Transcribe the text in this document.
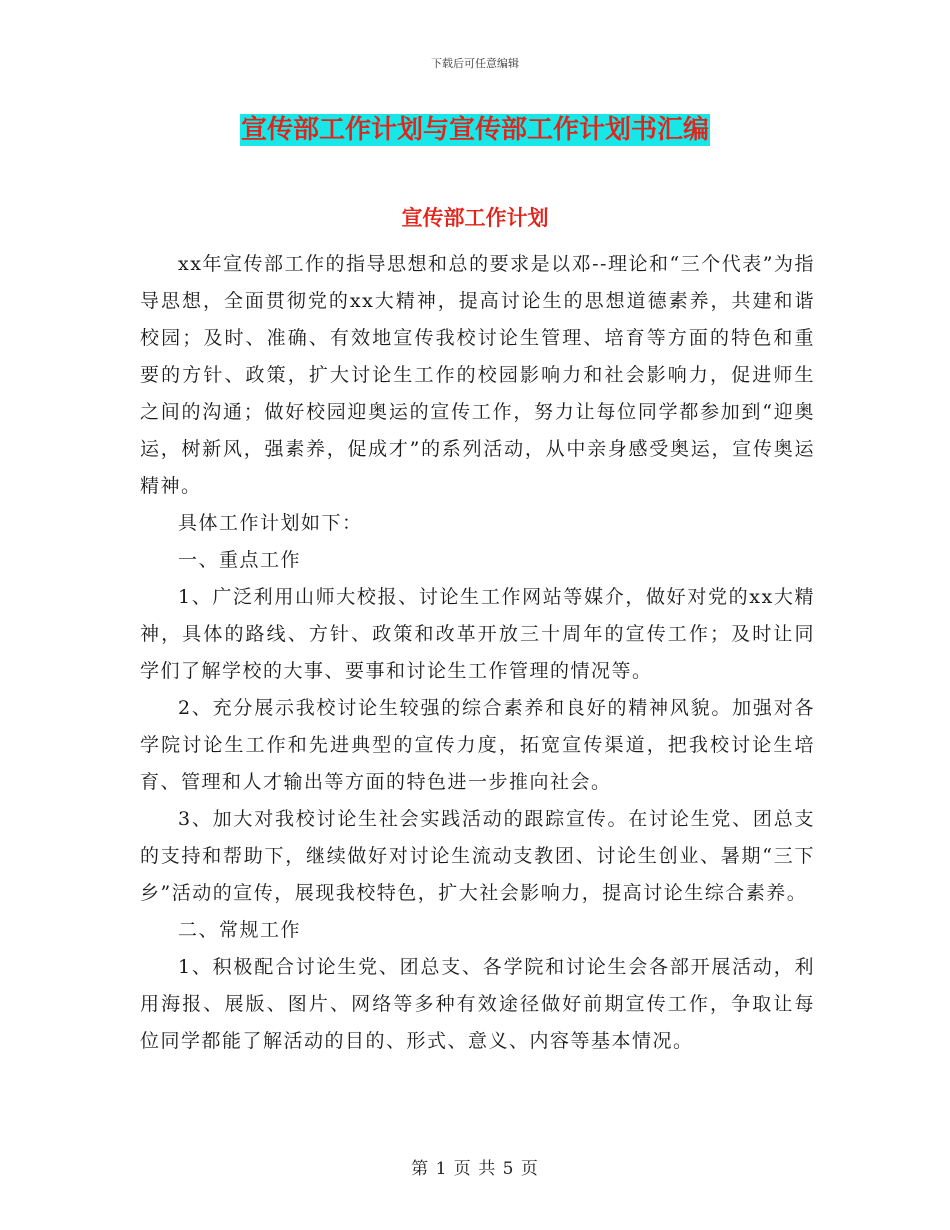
下载后可任意编辑
宣传部工作计划与宣传部工作计划书汇编
宣传部工作计划

xx年宣传部工作的指导思想和总的要求是以邓--理论和“三个代表”为指导思想，全面贯彻党的xx大精神，提高讨论生的思想道德素养，共建和谐校园；及时、准确、有效地宣传我校讨论生管理、培育等方面的特色和重要的方针、政策，扩大讨论生工作的校园影响力和社会影响力，促进师生之间的沟通；做好校园迎奥运的宣传工作，努力让每位同学都参加到“迎奥运，树新风，强素养，促成才”的系列活动，从中亲身感受奥运，宣传奥运精神。

具体工作计划如下：

一、重点工作

1、广泛利用山师大校报、讨论生工作网站等媒介，做好对党的xx大精神，具体的路线、方针、政策和改革开放三十周年的宣传工作；及时让同学们了解学校的大事、要事和讨论生工作管理的情况等。

2、充分展示我校讨论生较强的综合素养和良好的精神风貌。加强对各学院讨论生工作和先进典型的宣传力度，拓宽宣传渠道，把我校讨论生培育、管理和人才输出等方面的特色进一步推向社会。

3、加大对我校讨论生社会实践活动的跟踪宣传。在讨论生党、团总支的支持和帮助下，继续做好对讨论生流动支教团、讨论生创业、暑期“三下乡”活动的宣传，展现我校特色，扩大社会影响力，提高讨论生综合素养。

二、常规工作

1、积极配合讨论生党、团总支、各学院和讨论生会各部开展活动，利用海报、展版、图片、网络等多种有效途径做好前期宣传工作，争取让每位同学都能了解活动的目的、形式、意义、内容等基本情况。

第 1 页 共 5 页
